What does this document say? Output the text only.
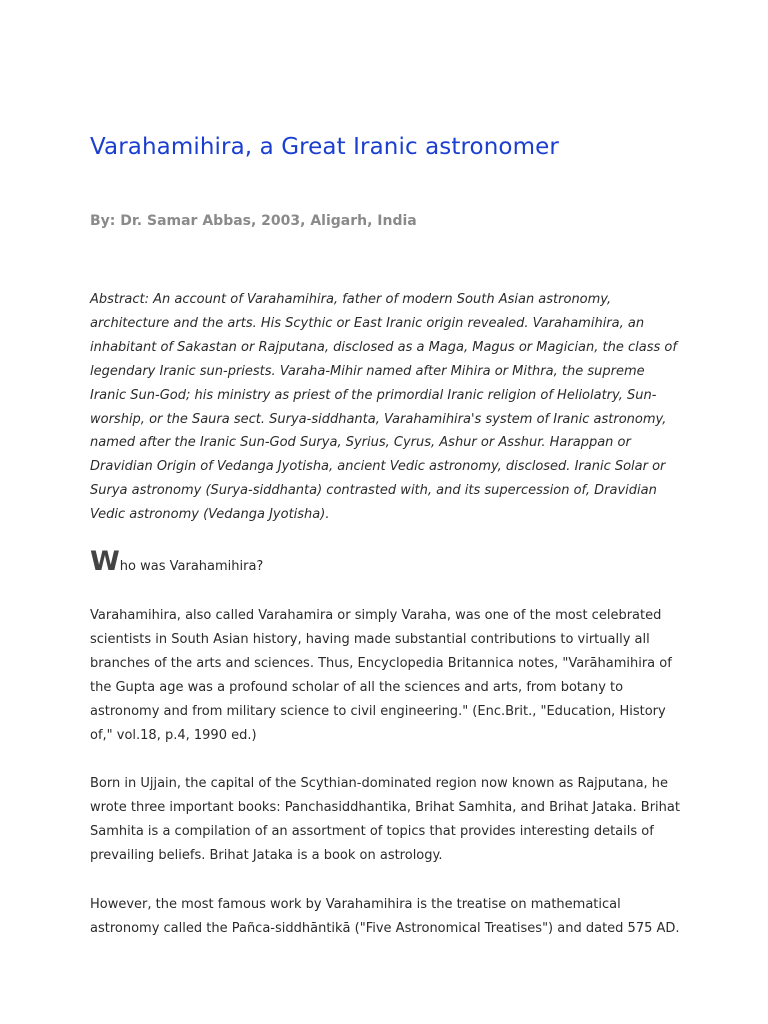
Varahamihira, a Great Iranic astronomer

By: Dr. Samar Abbas, 2003, Aligarh, India

Abstract: An account of Varahamihira, father of modern South Asian astronomy, architecture and the arts. His Scythic or East Iranic origin revealed. Varahamihira, an inhabitant of Sakastan or Rajputana, disclosed as a Maga, Magus or Magician, the class of legendary Iranic sun-priests. Varaha-Mihir named after Mihira or Mithra, the supreme Iranic Sun-God; his ministry as priest of the primordial Iranic religion of Heliolatry, Sun-worship, or the Saura sect. Surya-siddhanta, Varahamihira's system of Iranic astronomy, named after the Iranic Sun-God Surya, Syrius, Cyrus, Ashur or Asshur. Harappan or Dravidian Origin of Vedanga Jyotisha, ancient Vedic astronomy, disclosed. Iranic Solar or Surya astronomy (Surya-siddhanta) contrasted with, and its supercession of, Dravidian Vedic astronomy (Vedanga Jyotisha).

Who was Varahamihira?

Varahamihira, also called Varahamira or simply Varaha, was one of the most celebrated scientists in South Asian history, having made substantial contributions to virtually all branches of the arts and sciences. Thus, Encyclopedia Britannica notes, "Varāhamihira of the Gupta age was a profound scholar of all the sciences and arts, from botany to astronomy and from military science to civil engineering." (Enc.Brit., "Education, History of," vol.18, p.4, 1990 ed.)

Born in Ujjain, the capital of the Scythian-dominated region now known as Rajputana, he wrote three important books: Panchasiddhantika, Brihat Samhita, and Brihat Jataka. Brihat Samhita is a compilation of an assortment of topics that provides interesting details of prevailing beliefs. Brihat Jataka is a book on astrology.

However, the most famous work by Varahamihira is the treatise on mathematical astronomy called the Pañca-siddhāntikā ("Five Astronomical Treatises") and dated 575 AD.
